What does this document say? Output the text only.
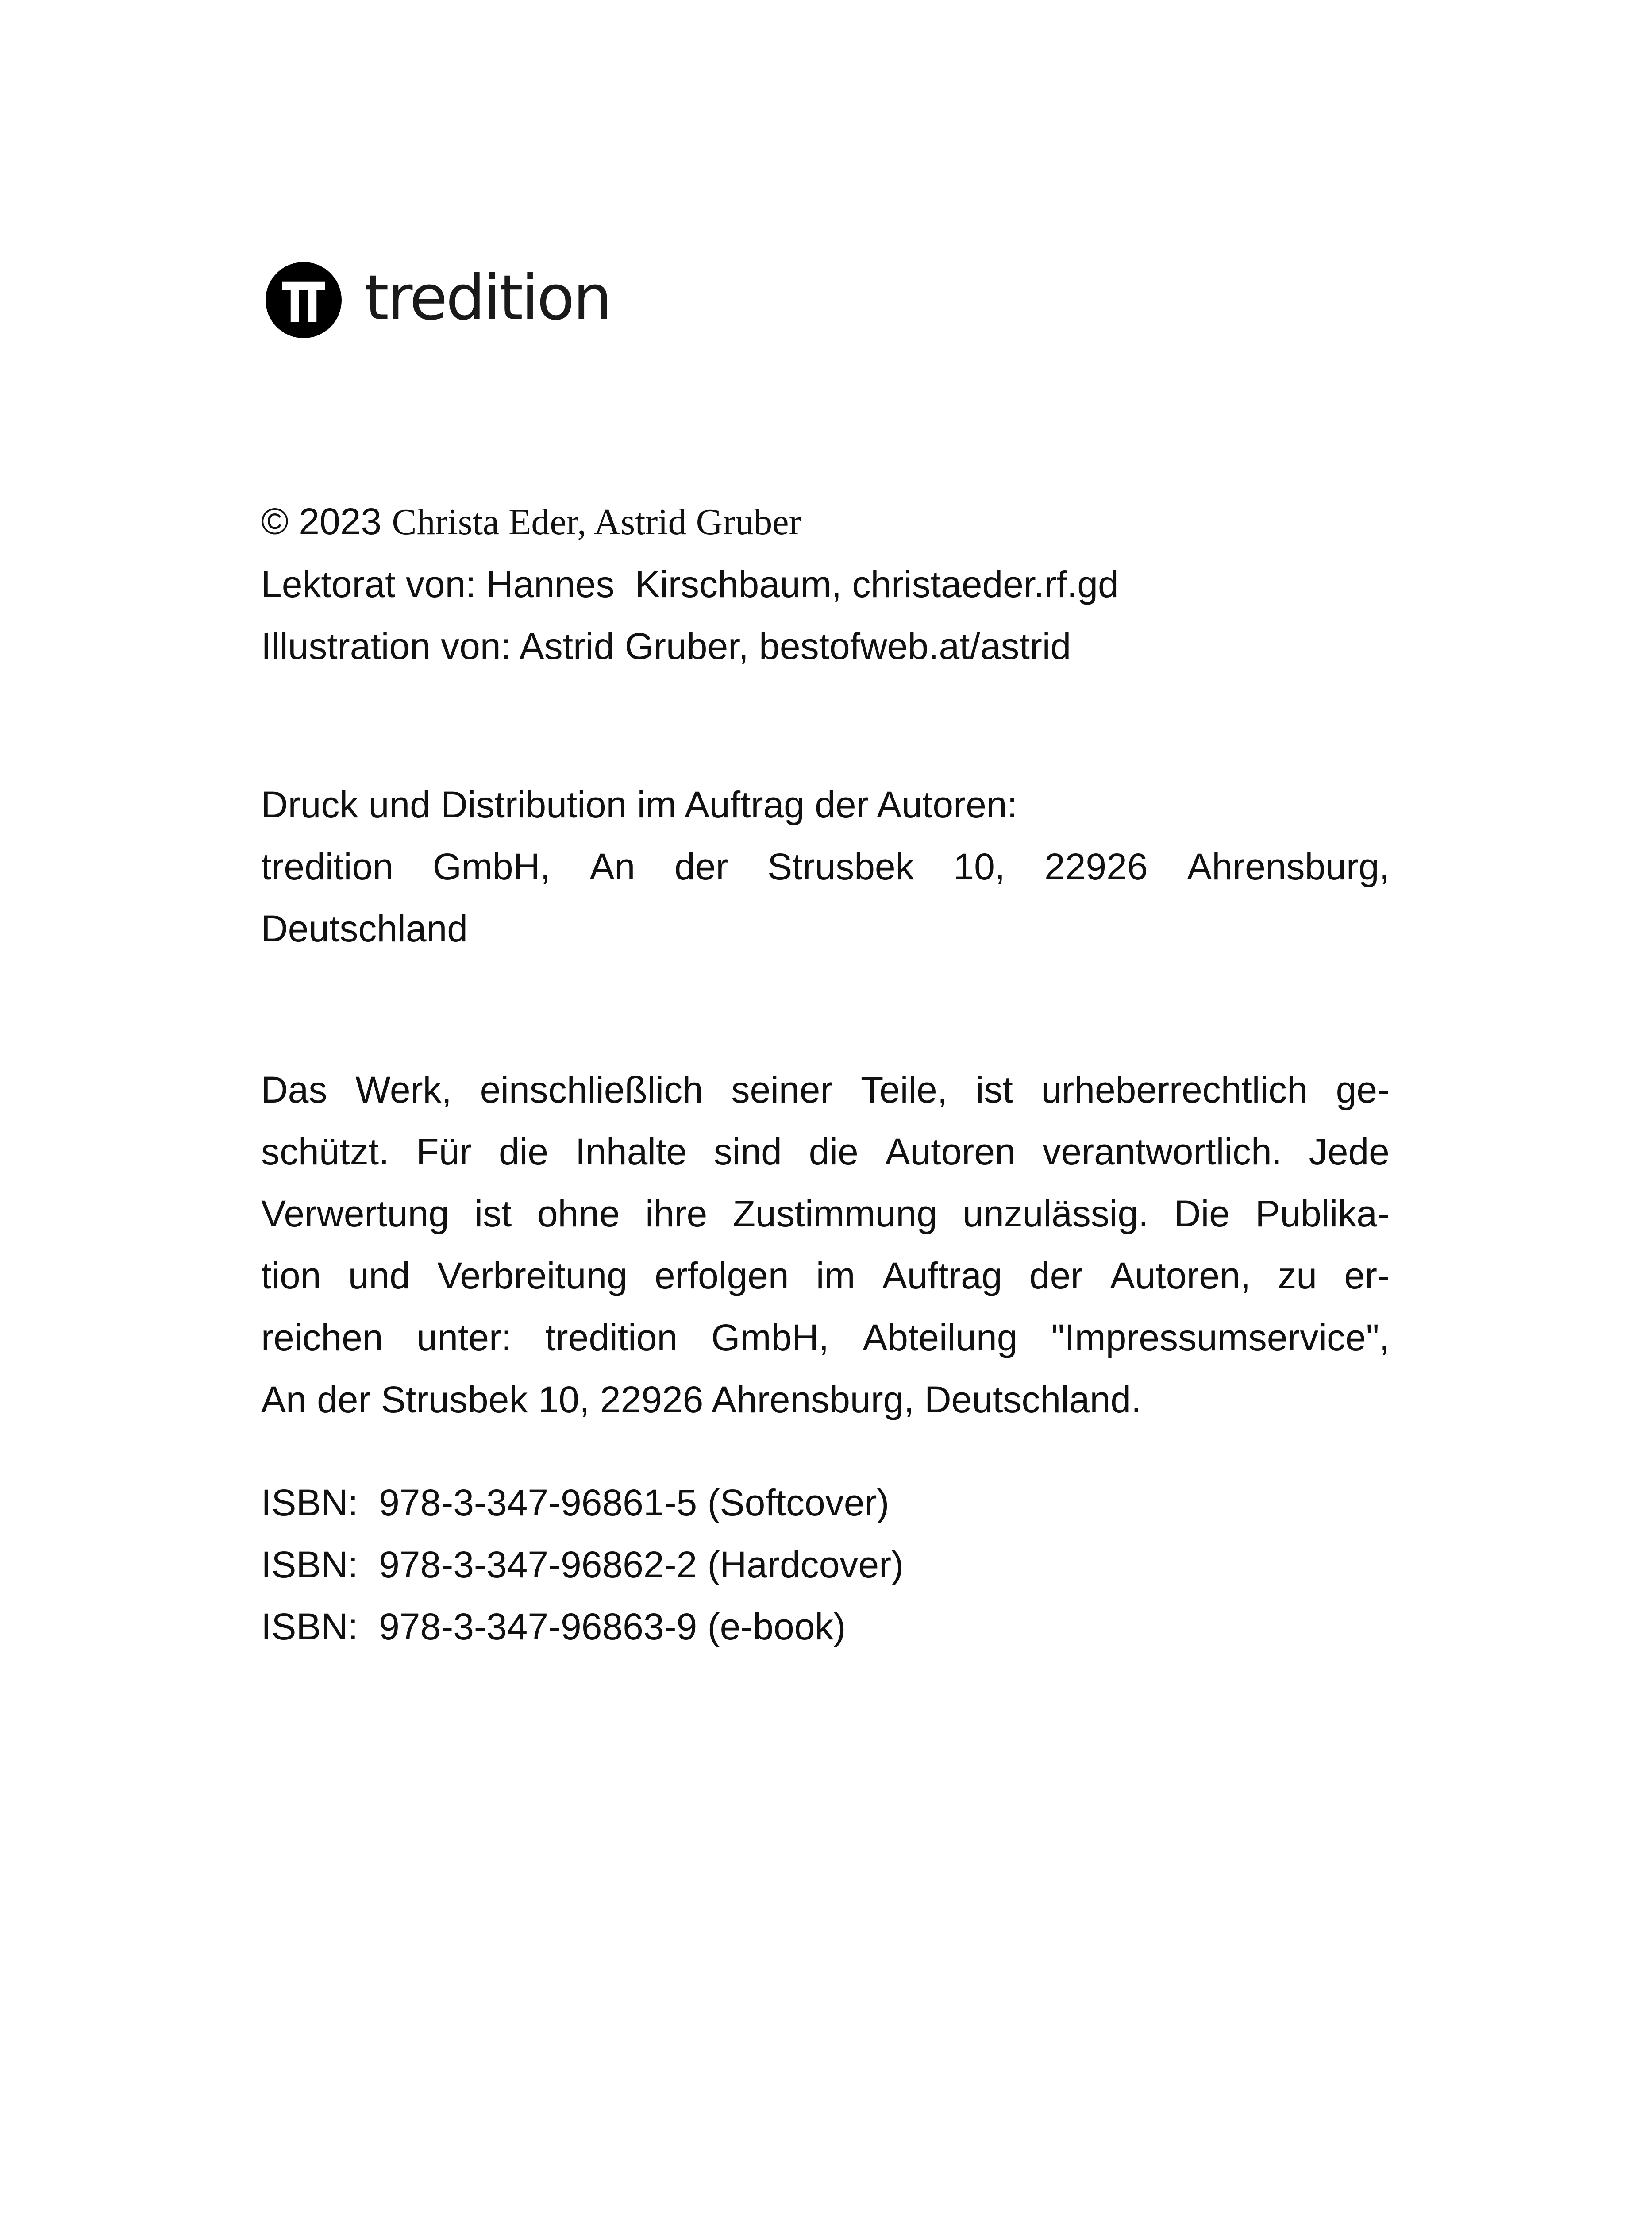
tredition
© 2023 Christa Eder, Astrid Gruber
Lektorat von: Hannes  Kirschbaum, christaeder.rf.gd
Illustration von: Astrid Gruber, bestofweb.at/astrid
Druck und Distribution im Auftrag der Autoren:
tredition GmbH, An der Strusbek 10, 22926 Ahrensburg,
Deutschland
Das Werk, einschließlich seiner Teile, ist urheberrechtlich ge-
schützt. Für die Inhalte sind die Autoren verantwortlich. Jede
Verwertung ist ohne ihre Zustimmung unzulässig. Die Publika-
tion und Verbreitung erfolgen im Auftrag der Autoren, zu er-
reichen unter: tredition GmbH, Abteilung "Impressumservice",
An der Strusbek 10, 22926 Ahrensburg, Deutschland.
ISBN:  978-3-347-96861-5 (Softcover)
ISBN:  978-3-347-96862-2 (Hardcover)
ISBN:  978-3-347-96863-9 (e-book)
